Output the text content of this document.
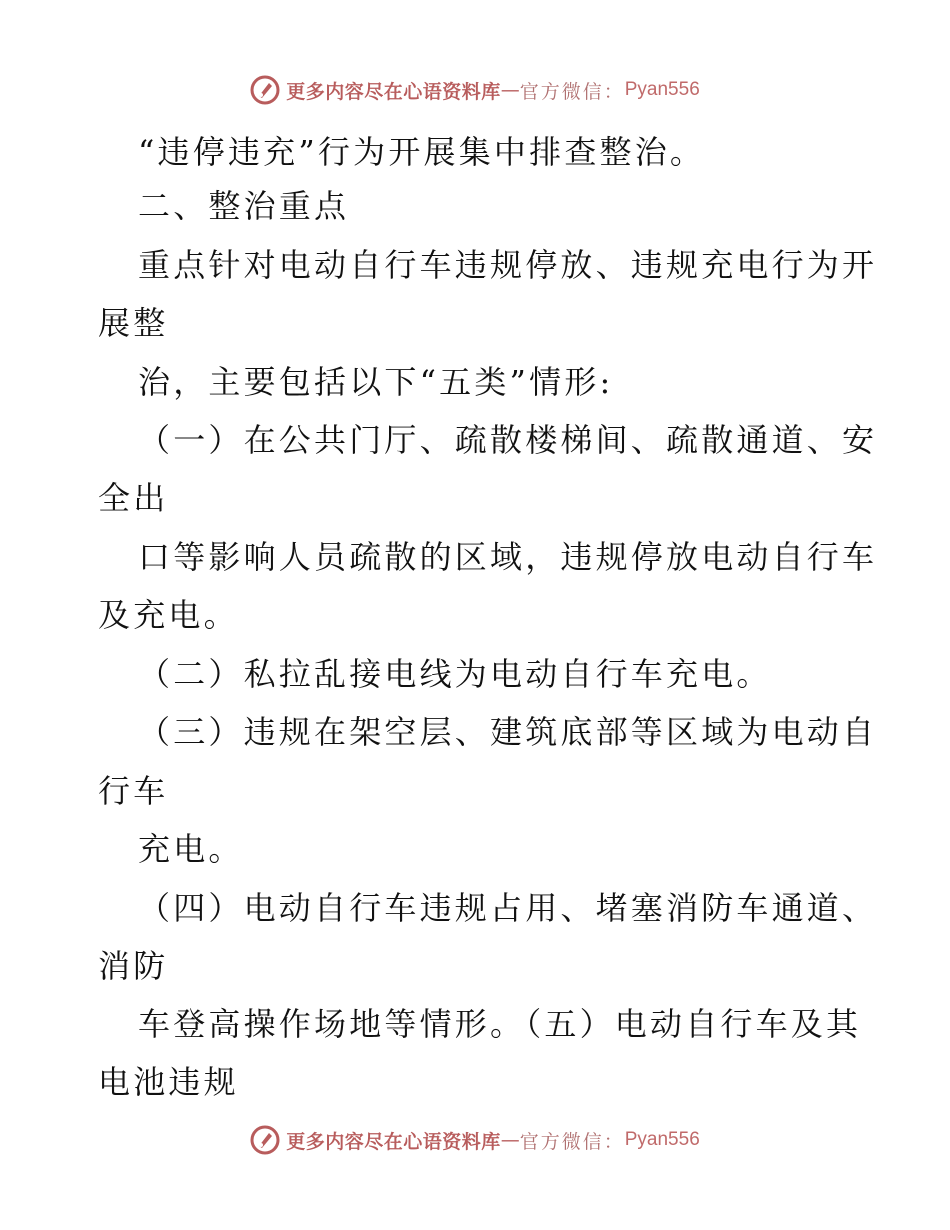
更多内容尽在心语资料库 — 官方微信： Pyan556
“违停违充”行为开展集中排查整治。
二、整治重点
重点针对电动自行车违规停放、违规充电行为开
展整
治，主要包括以下“五类”情形:
（一）在公共门厅、疏散楼梯间、疏散通道、安
全出
口等影响人员疏散的区域，违规停放电动自行车
及充电。
（二）私拉乱接电线为电动自行车充电。
（三）违规在架空层、建筑底部等区域为电动自
行车
充电。
（四）电动自行车违规占用、堵塞消防车通道、
消防
车登高操作场地等情形。（五）电动自行车及其
电池违规
更多内容尽在心语资料库 — 官方微信： Pyan556
